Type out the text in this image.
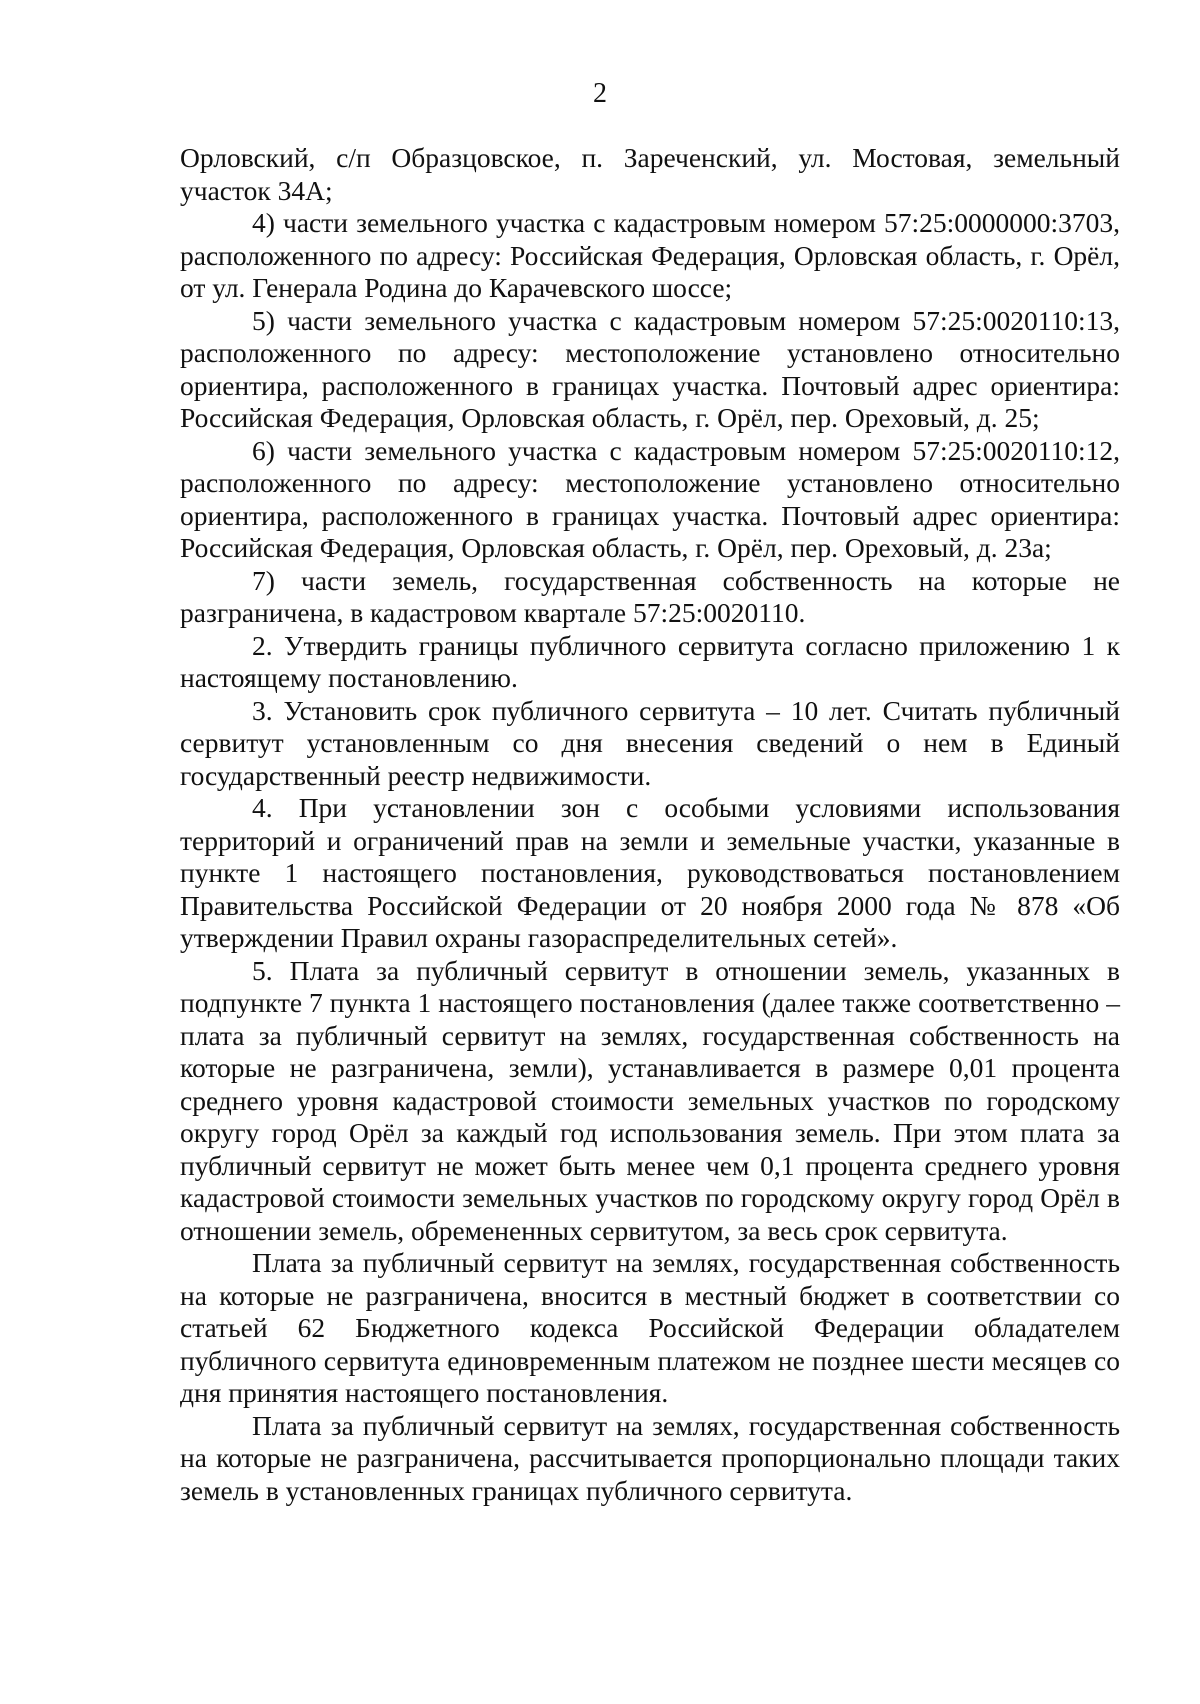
2

Орловский, с/п Образцовское, п. Зареченский, ул. Мостовая, земельный участок 34А;

4) части земельного участка с кадастровым номером 57:25:0000000:3703, расположенного по адресу: Российская Федерация, Орловская область, г. Орёл, от ул. Генерала Родина до Карачевского шоссе;

5) части земельного участка с кадастровым номером 57:25:0020110:13, расположенного по адресу: местоположение установлено относительно ориентира, расположенного в границах участка. Почтовый адрес ориентира: Российская Федерация, Орловская область, г. Орёл, пер. Ореховый, д. 25;

6) части земельного участка с кадастровым номером 57:25:0020110:12, расположенного по адресу: местоположение установлено относительно ориентира, расположенного в границах участка. Почтовый адрес ориентира: Российская Федерация, Орловская область, г. Орёл, пер. Ореховый, д. 23а;

7) части земель, государственная собственность на которые не разграничена, в кадастровом квартале 57:25:0020110.

2. Утвердить границы публичного сервитута согласно приложению 1 к настоящему постановлению.

3. Установить срок публичного сервитута – 10 лет. Считать публичный сервитут установленным со дня внесения сведений о нем в Единый государственный реестр недвижимости.

4. При установлении зон с особыми условиями использования территорий и ограничений прав на земли и земельные участки, указанные в пункте 1 настоящего постановления, руководствоваться постановлением Правительства Российской Федерации от 20 ноября 2000 года № 878 «Об утверждении Правил охраны газораспределительных сетей».

5. Плата за публичный сервитут в отношении земель, указанных в подпункте 7 пункта 1 настоящего постановления (далее также соответственно – плата за публичный сервитут на землях, государственная собственность на которые не разграничена, земли), устанавливается в размере 0,01 процента среднего уровня кадастровой стоимости земельных участков по городскому округу город Орёл за каждый год использования земель. При этом плата за публичный сервитут не может быть менее чем 0,1 процента среднего уровня кадастровой стоимости земельных участков по городскому округу город Орёл в отношении земель, обремененных сервитутом, за весь срок сервитута.

Плата за публичный сервитут на землях, государственная собственность на которые не разграничена, вносится в местный бюджет в соответствии со статьей 62 Бюджетного кодекса Российской Федерации обладателем публичного сервитута единовременным платежом не позднее шести месяцев со дня принятия настоящего постановления.

Плата за публичный сервитут на землях, государственная собственность на которые не разграничена, рассчитывается пропорционально площади таких земель в установленных границах публичного сервитута.
